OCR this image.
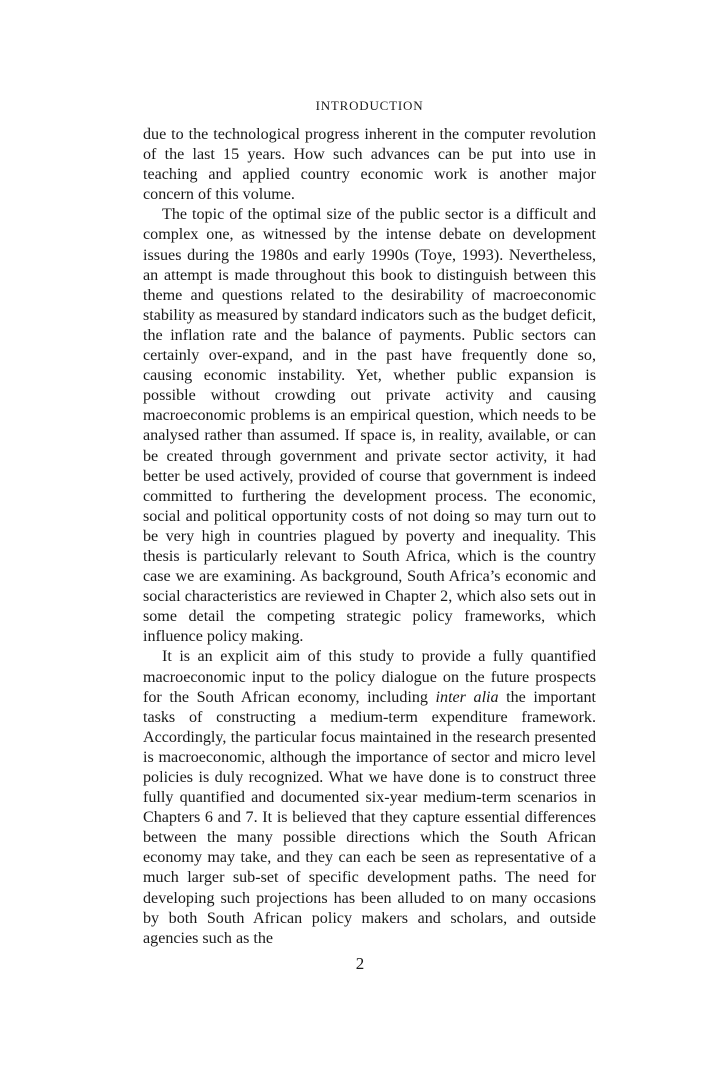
INTRODUCTION

due to the technological progress inherent in the computer revolution of the last 15 years. How such advances can be put into use in teaching and applied country economic work is another major concern of this volume.

The topic of the optimal size of the public sector is a difficult and complex one, as witnessed by the intense debate on development issues during the 1980s and early 1990s (Toye, 1993). Nevertheless, an attempt is made throughout this book to distinguish between this theme and questions related to the desirability of macroeconomic stability as measured by standard indicators such as the budget deficit, the inflation rate and the balance of payments. Public sectors can certainly over-expand, and in the past have frequently done so, causing economic instability. Yet, whether public expansion is possible without crowding out private activity and causing macroeconomic problems is an empirical question, which needs to be analysed rather than assumed. If space is, in reality, available, or can be created through government and private sector activity, it had better be used actively, provided of course that government is indeed committed to furthering the development process. The economic, social and political opportunity costs of not doing so may turn out to be very high in countries plagued by poverty and inequality. This thesis is particularly relevant to South Africa, which is the country case we are examining. As background, South Africa’s economic and social characteristics are reviewed in Chapter 2, which also sets out in some detail the competing strategic policy frameworks, which influence policy making.

It is an explicit aim of this study to provide a fully quantified macroeconomic input to the policy dialogue on the future prospects for the South African economy, including inter alia the important tasks of constructing a medium-term expenditure framework. Accordingly, the particular focus maintained in the research presented is macroeconomic, although the importance of sector and micro level policies is duly recognized. What we have done is to construct three fully quantified and documented six-year medium-term scenarios in Chapters 6 and 7. It is believed that they capture essential differences between the many possible directions which the South African economy may take, and they can each be seen as representative of a much larger sub-set of specific development paths. The need for developing such projections has been alluded to on many occasions by both South African policy makers and scholars, and outside agencies such as the

2
